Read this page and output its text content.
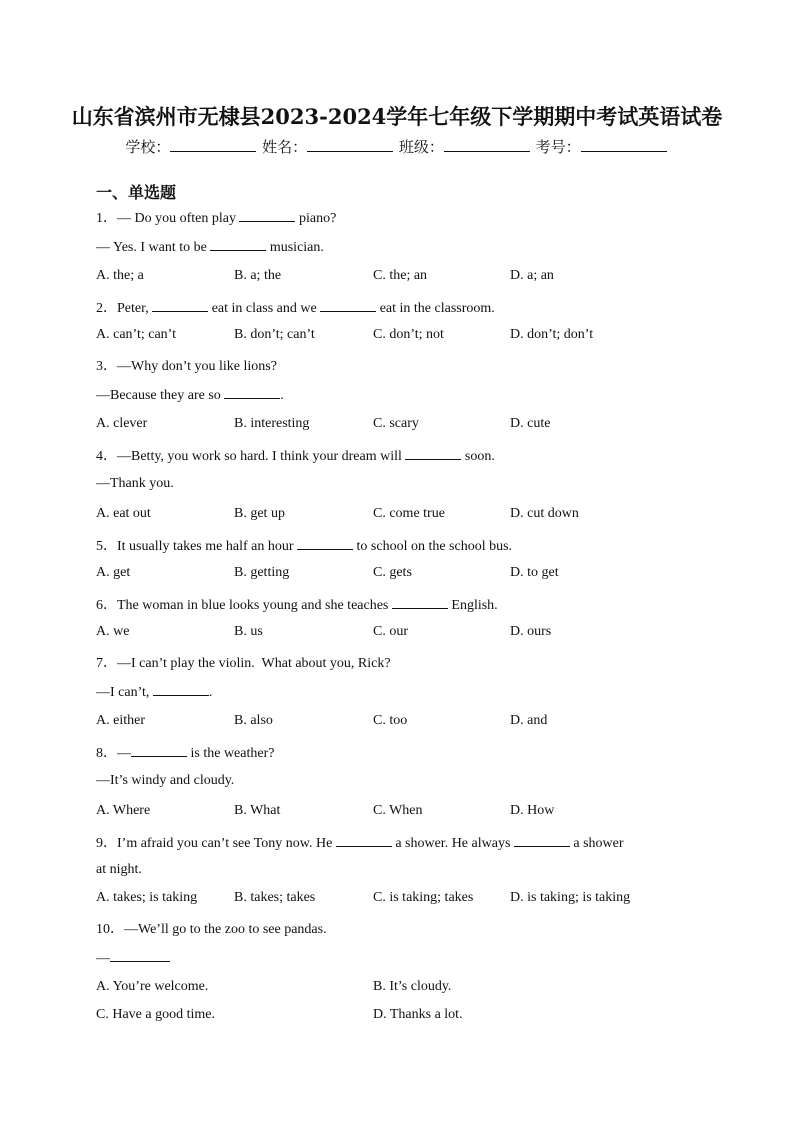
山东省滨州市无棣县2023-2024学年七年级下学期期中考试英语试卷
学校：	姓名：	班级：	考号：
一、单选题
1．— Do you often play	piano?
— Yes. I want to be	musician.
A. the; a	B. a; the	C. the; an	D. a; an
2．Peter,	eat in class and we	eat in the classroom.
A. can’t; can’t	B. don’t; can’t	C. don’t; not	D. don’t; don’t
3．—Why don’t you like lions?
—Because they are so	.
A. clever	B. interesting	C. scary	D. cute
4．—Betty, you work so hard. I think your dream will	soon.
—Thank you.
A. eat out	B. get up	C. come true	D. cut down
5．It usually takes me half an hour	to school on the school bus.
A. get	B. getting	C. gets	D. to get
6．The woman in blue looks young and she teaches	English.
A. we	B. us	C. our	D. ours
7．—I can’t play the violin.  What about you, Rick?
—I can’t,	.
A. either	B. also	C. too	D. and
8．—	is the weather?
—It’s windy and cloudy.
A. Where	B. What	C. When	D. How
9．I’m afraid you can’t see Tony now. He	a shower. He always	a shower
at night.
A. takes; is taking	B. takes; takes	C. is taking; takes	D. is taking; is taking
10．—We’ll go to the zoo to see pandas.
—
A. You’re welcome.	B. It’s cloudy.
C. Have a good time.	D. Thanks a lot.
